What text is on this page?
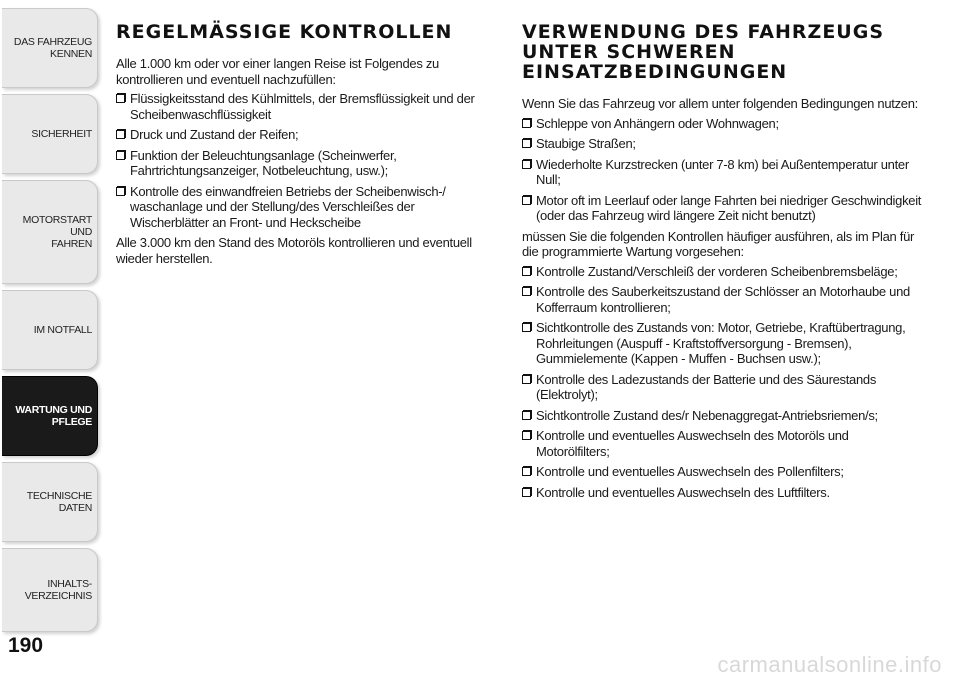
DAS FAHRZEUG
KENNEN
SICHERHEIT
MOTORSTART UND
FAHREN
IM NOTFALL
WARTUNG UND
PFLEGE
TECHNISCHE DATEN
INHALTS-
VERZEICHNIS
190
REGELMÄSSIGE KONTROLLEN

Alle 1.000 km oder vor einer langen Reise ist Folgendes zu kontrollieren und eventuell nachzufüllen:

Flüssigkeitsstand des Kühlmittels, der Bremsflüssigkeit und der Scheibenwaschflüssigkeit
Druck und Zustand der Reifen;
Funktion der Beleuchtungsanlage (Scheinwerfer, Fahrtrichtungsanzeiger, Notbeleuchtung, usw.);
Kontrolle des einwandfreien Betriebs der Scheibenwisch-/ waschanlage und der Stellung/des Verschleißes der Wischerblätter an Front- und Heckscheibe

Alle 3.000 km den Stand des Motoröls kontrollieren und eventuell wieder herstellen.

VERWENDUNG DES FAHRZEUGS UNTER SCHWEREN EINSATZBEDINGUNGEN

Wenn Sie das Fahrzeug vor allem unter folgenden Bedingungen nutzen:

Schleppe von Anhängern oder Wohnwagen;
Staubige Straßen;
Wiederholte Kurzstrecken (unter 7-8 km) bei Außentemperatur unter Null;
Motor oft im Leerlauf oder lange Fahrten bei niedriger Geschwindigkeit (oder das Fahrzeug wird längere Zeit nicht benutzt)

müssen Sie die folgenden Kontrollen häufiger ausführen, als im Plan für die programmierte Wartung vorgesehen:

Kontrolle Zustand/Verschleiß der vorderen Scheibenbremsbeläge;
Kontrolle des Sauberkeitszustand der Schlösser an Motorhaube und Kofferraum kontrollieren;
Sichtkontrolle des Zustands von: Motor, Getriebe, Kraftübertragung, Rohrleitungen (Auspuff - Kraftstoffversorgung - Bremsen), Gummielemente (Kappen - Muffen - Buchsen usw.);
Kontrolle des Ladezustands der Batterie und des Säurestands (Elektrolyt);
Sichtkontrolle Zustand des/r Nebenaggregat-Antriebsriemen/s;
Kontrolle und eventuelles Auswechseln des Motoröls und Motorölfilters;
Kontrolle und eventuelles Auswechseln des Pollenfilters;
Kontrolle und eventuelles Auswechseln des Luftfilters.
carmanualsonline.info
